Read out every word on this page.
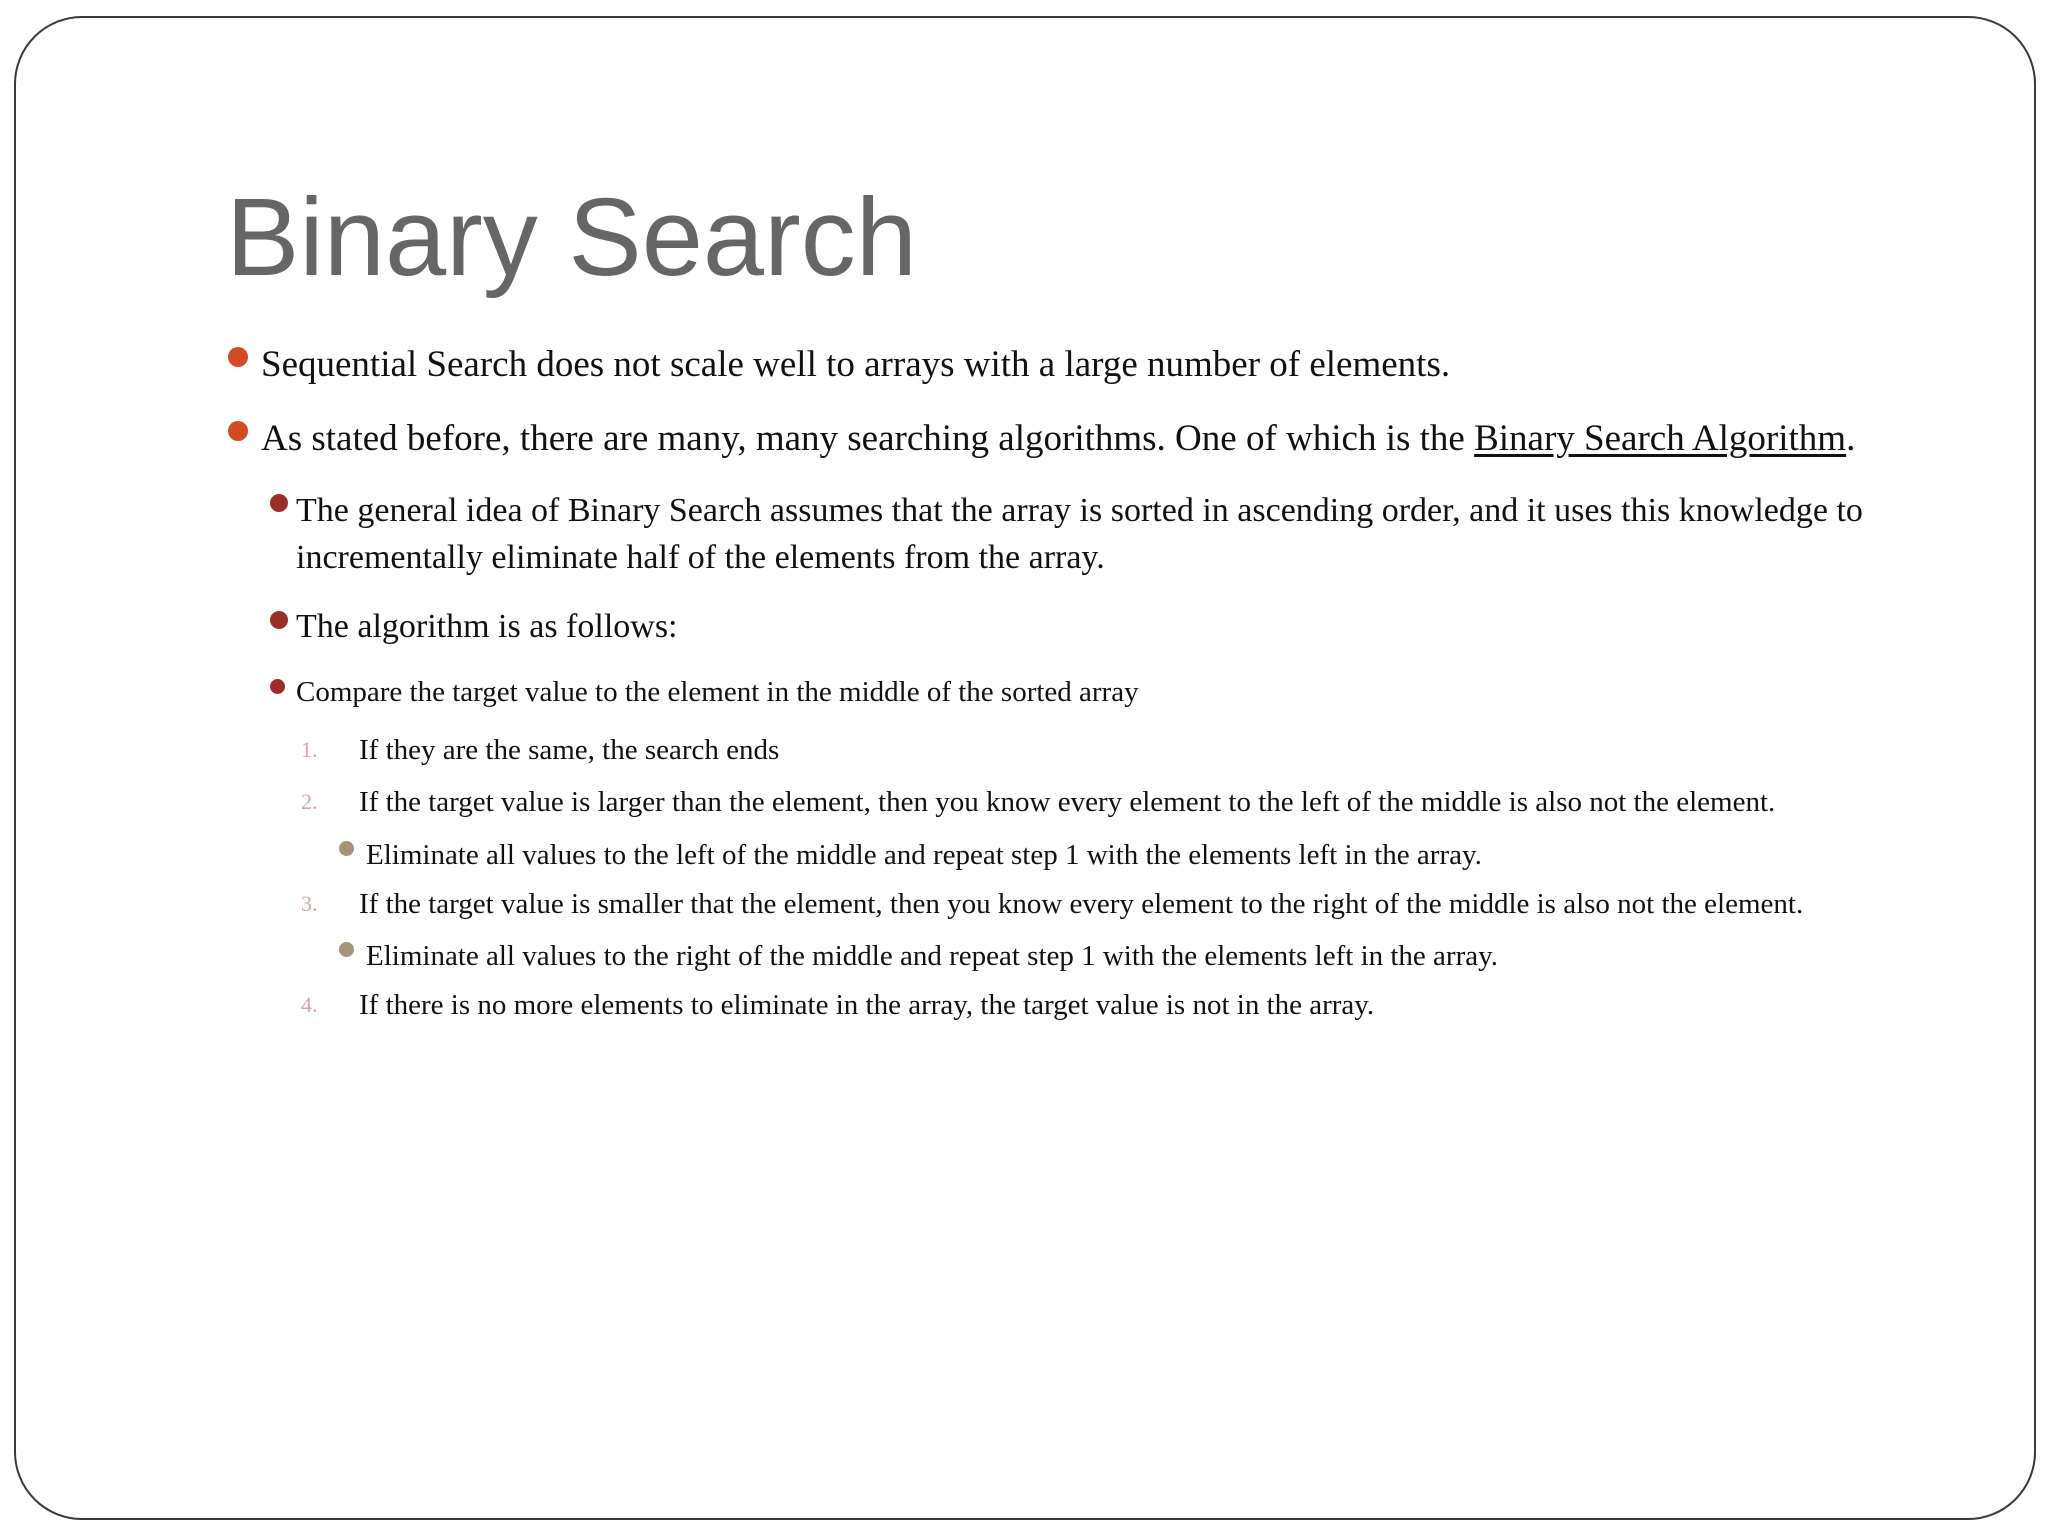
Binary Search
Sequential Search does not scale well to arrays with a large number of elements.
As stated before, there are many, many searching algorithms. One of which is the Binary Search Algorithm.
The general idea of Binary Search assumes that the array is sorted in ascending order, and it uses this knowledge to
incrementally eliminate half of the elements from the array.
The algorithm is as follows:
Compare the target value to the element in the middle of the sorted array
1. If they are the same, the search ends
2. If the target value is larger than the element, then you know every element to the left of the middle is also not the element.
Eliminate all values to the left of the middle and repeat step 1 with the elements left in the array.
3. If the target value is smaller that the element, then you know every element to the right of the middle is also not the element.
Eliminate all values to the right of the middle and repeat step 1 with the elements left in the array.
4. If there is no more elements to eliminate in the array, the target value is not in the array.
